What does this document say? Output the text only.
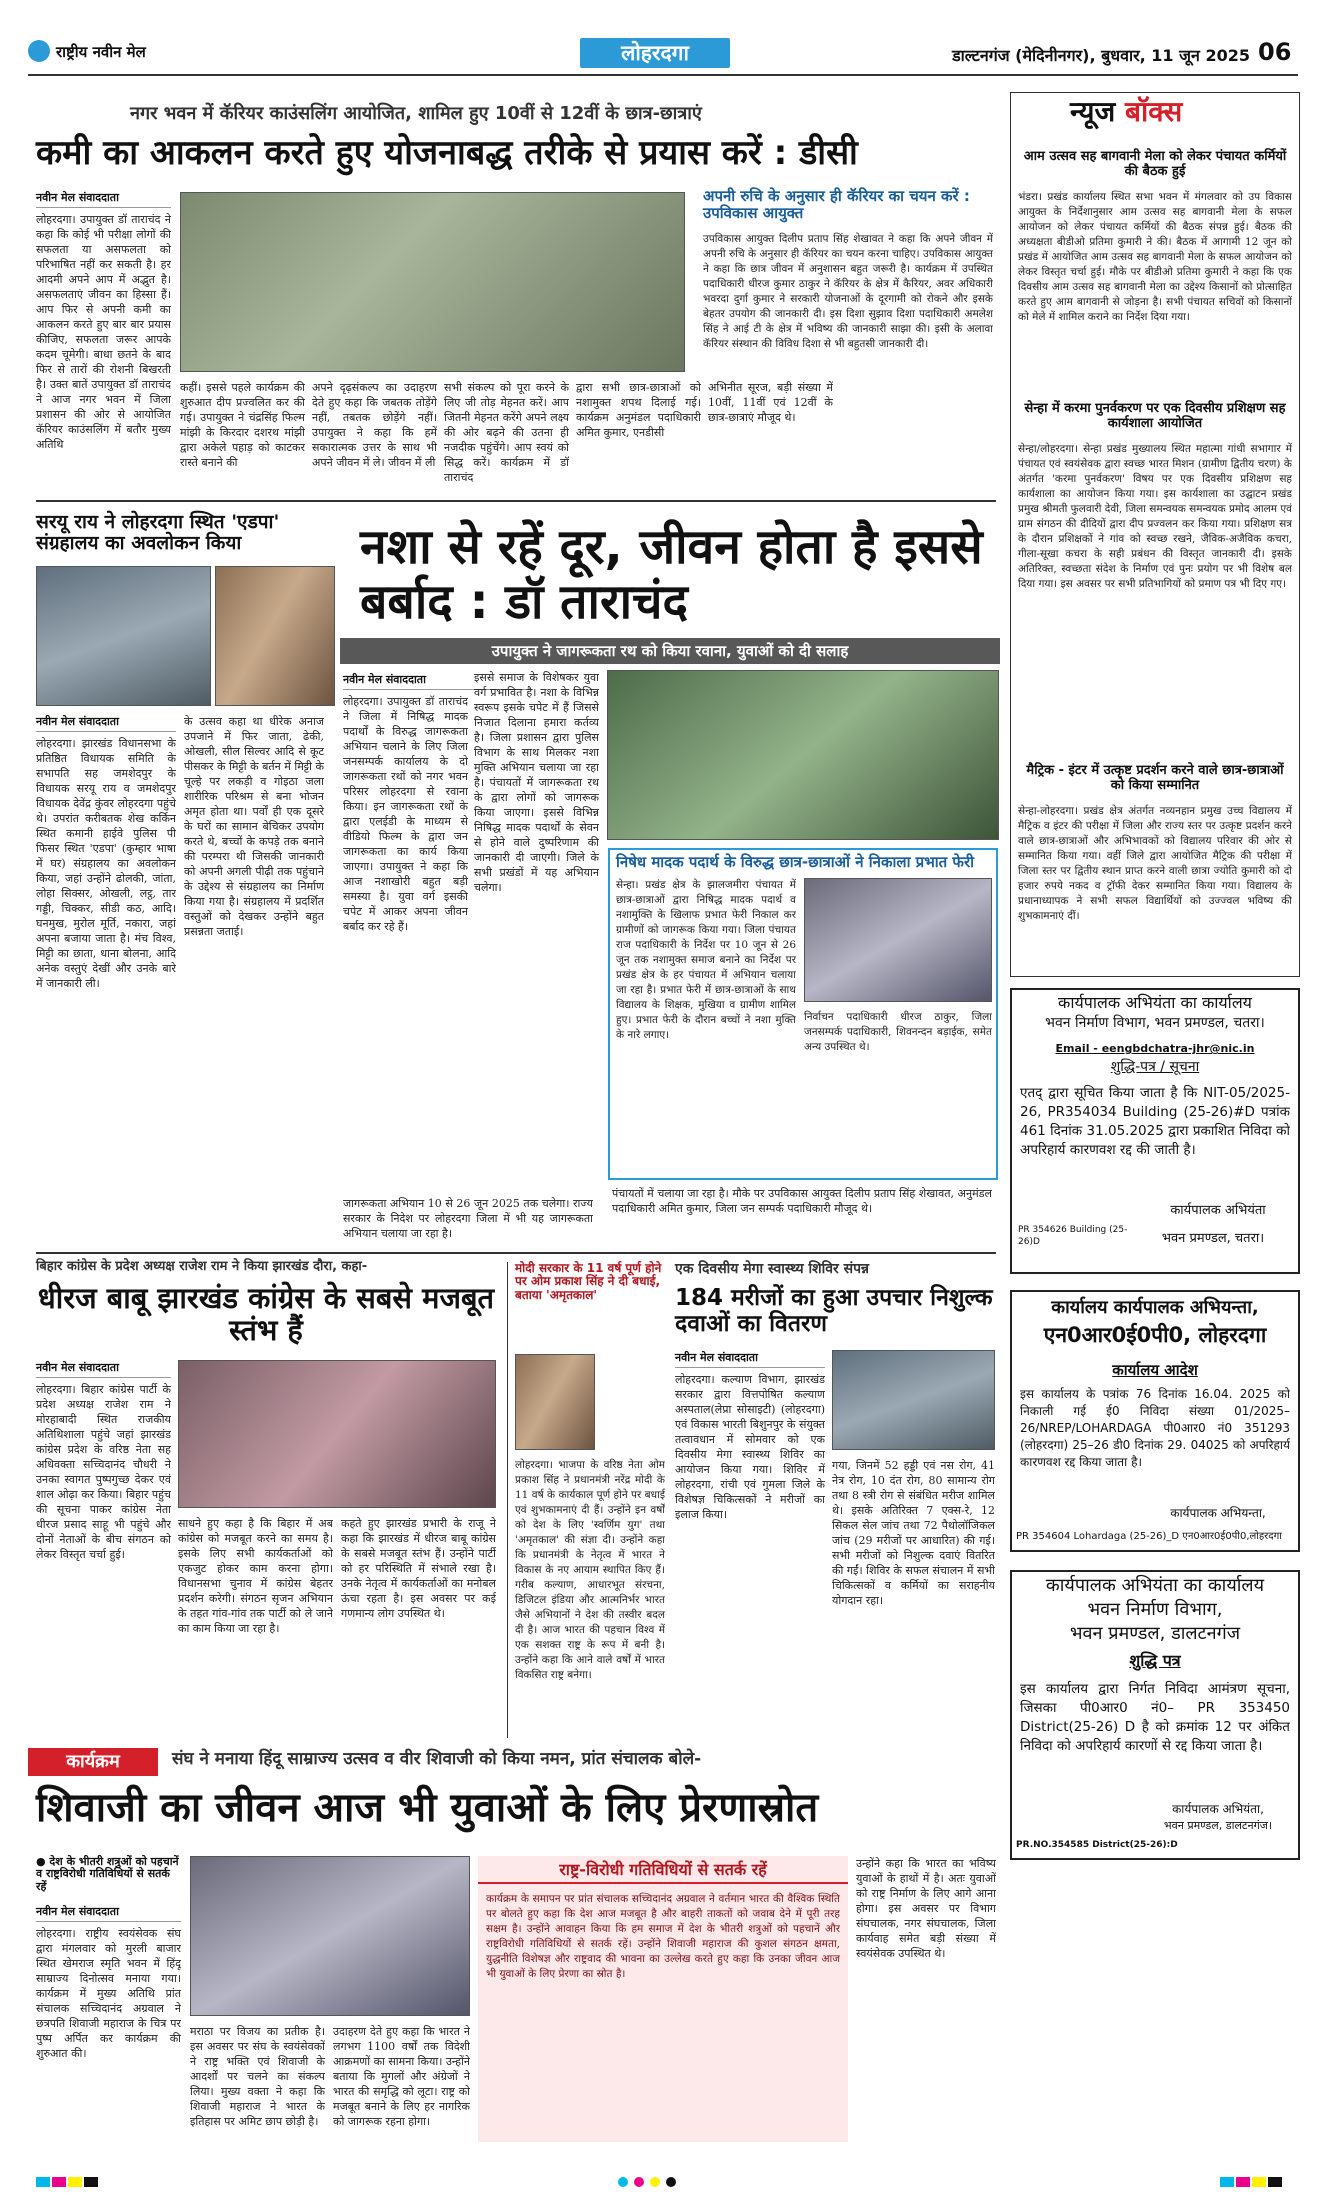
राष्ट्रीय नवीन मेल	लोहरदगा	डाल्टनगंज (मेदिनीनगर), बुधवार, 11 जून 2025 06
नगर भवन में कॅरियर काउंसलिंग आयोजित, शामिल हुए 10वीं से 12वीं के छात्र-छात्राएं
कमी का आकलन करते हुए योजनाबद्ध तरीके से प्रयास करें : डीसी
नवीन मेल संवाददाता
लोहरदगा। उपायुक्त डॉ ताराचंद ने कहा कि कोई भी परीक्षा लोगों की सफलता या असफलता को परिभाषित नहीं कर सकती है। हर आदमी अपने आप में अद्भुत है। असफलताएं जीवन का हिस्सा हैं। आप फिर से अपनी कमी का आकलन करते हुए बार बार प्रयास कीजिए, सफलता जरूर आपके कदम चूमेगी। बाधा छतने के बाद फिर से तारों की रोशनी बिखरती है। उक्त बातें उपायुक्त डॉ ताराचंद ने आज नगर भवन में जिला प्रशासन की ओर से आयोजित कॅरियर काउंसलिंग में बतौर मुख्य अतिथि
अपनी रुचि के अनुसार ही कॅरियर का चयन करें : उपविकास आयुक्त
उपविकास आयुक्त दिलीप प्रताप सिंह शेखावत ने कहा कि अपने जीवन में अपनी रुचि के अनुसार ही कॅरियर का चयन करना चाहिए। उपविकास आयुक्त ने कहा कि छात्र जीवन में अनुशासन बहुत जरूरी है। कार्यक्रम में उपस्थित पदाधिकारी धीरज कुमार ठाकुर ने कॅरियर के क्षेत्र में कैरियर, अवर अधिकारी भवरदा दुर्गा कुमार ने सरकारी योजनाओं के दूरगामी को रोकने और इसके बेहतर उपयोग की जानकारी दी। इस दिशा सुझाव दिशा पदाधिकारी अमलेश सिंह ने आई टी के क्षेत्र में भविष्य की जानकारी साझा की। इसी के अलावा कॅरियर संस्थान की विविध दिशा से भी बहुतसी जानकारी दी।
कहीं। इससे पहले कार्यक्रम की शुरुआत दीप प्रज्वलित कर की गई। उपायुक्त ने चंद्रसिंह फिल्म मांझी के किरदार दशरथ मांझी द्वारा अकेले पहाड़ को काटकर रास्ते बनाने की
अपने दृढ़संकल्प का उदाहरण देते हुए कहा कि जबतक तोड़ेंगे नहीं, तबतक छोड़ेंगे नहीं। उपायुक्त ने कहा कि हमें सकारात्मक उत्तर के साथ भी अपने जीवन में ले। जीवन में ली
सभी संकल्प को पूरा करने के लिए जी तोड़ मेहनत करें। आप जितनी मेहनत करेंगे अपने लक्ष्य की ओर बढ़ने की उतना ही नजदीक पहुंचेंगे। आप स्वयं को सिद्ध करें। कार्यक्रम में डॉ ताराचंद
द्वारा सभी छात्र-छात्राओं को नशामुक्त शपथ दिलाई गई। कार्यक्रम अनुमंडल पदाधिकारी अमित कुमार, एनडीसी
अभिनीत सूरज, बड़ी संख्या में 10वीं, 11वीं एवं 12वीं के छात्र-छात्राएं मौजूद थे।
सरयू राय ने लोहरदगा स्थित 'एडपा' संग्रहालय का अवलोकन किया
नवीन मेल संवाददाता
लोहरदगा। झारखंड विधानसभा के प्रतिष्ठित विधायक समिति के सभापति सह जमशेदपुर के विधायक सरयू राय व जमशेदपुर विधायक देवेंद्र कुंवर लोहरदगा पहुंचे थे। उपरांत करीबतक शेख कर्किन स्थित कमानी हाईवे पुलिस पी फिसर स्थित 'एडपा' (कुम्हार भाषा में घर) संग्रहालय का अवलोकन किया, जहां उन्होंने ढोलकी, जांता, लोहा सिक्सर, ओखली, लट्ठ, तार गड्डी, चिक्कर, सीडी कठ, आदि। घनमुख, मुरोल मूर्ति, नकारा, जहां अपना बजाया जाता है। मंच विश्व, मिट्टी का छाता, धाना बोलना, आदि अनेक वस्तुएं देखीं और उनके बारे में जानकारी ली।
के उत्सव कहा था धीरेक अनाज उपजाने में फिर जाता, ढेकी, ओखली, सील सिल्वर आदि से कूट पीसकर के मिट्टी के बर्तन में मिट्टी के चूल्हे पर लकड़ी व गोइठा जला शारीरिक परिश्रम से बना भोजन अमृत होता था। पर्वों ही एक दूसरे के घरों का सामान बेचिकर उपयोग करते थे, बच्चों के कपड़े तक बनाने की परम्परा थी जिसकी जानकारी को अपनी अगली पीढ़ी तक पहुंचाने के उद्देश्य से संग्रहालय का निर्माण किया गया है। संग्रहालय में प्रदर्शित वस्तुओं को देखकर उन्होंने बहुत प्रसन्नता जताई।
नशा से रहें दूर, जीवन होता है इससे बर्बाद : डॉ ताराचंद
उपायुक्त ने जागरूकता रथ को किया रवाना, युवाओं को दी सलाह
नवीन मेल संवाददाता
लोहरदगा। उपायुक्त डॉ ताराचंद ने जिला में निषिद्ध मादक पदार्थों के विरुद्ध जागरूकता अभियान चलाने के लिए जिला जनसम्पर्क कार्यालय के दो जागरूकता रथों को नगर भवन परिसर लोहरदगा से रवाना किया। इन जागरूकता रथों के द्वारा एलईडी के माध्यम से वीडियो फिल्म के द्वारा जन जागरूकता का कार्य किया जाएगा। उपायुक्त ने कहा कि आज नशाखोरी बहुत बड़ी समस्या है। युवा वर्ग इसकी चपेट में आकर अपना जीवन बर्बाद कर रहे हैं।
इससे समाज के विशेषकर युवा वर्ग प्रभावित है। नशा के विभिन्न स्वरूप इसके चपेट में हैं जिससे निजात दिलाना हमारा कर्तव्य है। जिला प्रशासन द्वारा पुलिस विभाग के साथ मिलकर नशा मुक्ति अभियान चलाया जा रहा है। पंचायतों में जागरूकता रथ के द्वारा लोगों को जागरूक किया जाएगा। इससे विभिन्न निषिद्ध मादक पदार्थों के सेवन से होने वाले दुष्परिणाम की जानकारी दी जाएगी। जिले के सभी प्रखंडों में यह अभियान चलेगा।
निषेध मादक पदार्थ के विरुद्ध छात्र-छात्राओं ने निकाला प्रभात फेरी
सेन्हा। प्रखंड क्षेत्र के झालजमीरा पंचायत में छात्र-छात्राओं द्वारा निषिद्ध मादक पदार्थ व नशामुक्ति के खिलाफ प्रभात फेरी निकाल कर ग्रामीणों को जागरूक किया गया। जिला पंचायत राज पदाधिकारी के निर्देश पर 10 जून से 26 जून तक नशामुक्त समाज बनाने का निर्देश पर प्रखंड क्षेत्र के हर पंचायत में अभियान चलाया जा रहा है। प्रभात फेरी में छात्र-छात्राओं के साथ विद्यालय के शिक्षक, मुखिया व ग्रामीण शामिल हुए। प्रभात फेरी के दौरान बच्चों ने नशा मुक्ति के नारे लगाए।
निर्वाचन पदाधिकारी धीरज ठाकुर, जिला जनसम्पर्क पदाधिकारी, शिवनन्दन बड़ाईक, समेत अन्य उपस्थित थे।
जागरूकता अभियान 10 से 26 जून 2025 तक चलेगा। राज्य सरकार के निदेश पर लोहरदगा जिला में भी यह जागरूकता अभियान चलाया जा रहा है।
पंचायतों में चलाया जा रहा है। मौके पर उपविकास आयुक्त दिलीप प्रताप सिंह शेखावत, अनुमंडल पदाधिकारी अमित कुमार, जिला जन सम्पर्क पदाधिकारी मौजूद थे।
बिहार कांग्रेस के प्रदेश अध्यक्ष राजेश राम ने किया झारखंड दौरा, कहा-
धीरज बाबू झारखंड कांग्रेस के सबसे मजबूत स्तंभ हैं
नवीन मेल संवाददाता
लोहरदगा। बिहार कांग्रेस पार्टी के प्रदेश अध्यक्ष राजेश राम ने मोरहाबादी स्थित राजकीय अतिथिशाला पहुंचे जहां झारखंड कांग्रेस प्रदेश के वरिष्ठ नेता सह अधिवक्ता सच्चिदानंद चौधरी ने उनका स्वागत पुष्पगुच्छ देकर एवं शाल ओढ़ा कर किया। बिहार पहुंच की सूचना पाकर कांग्रेस नेता धीरज प्रसाद साहू भी पहुंचे और दोनों नेताओं के बीच संगठन को लेकर विस्तृत चर्चा हुई।
साधने हुए कहा है कि बिहार में अब कांग्रेस को मजबूत करने का समय है। इसके लिए सभी कार्यकर्ताओं को एकजुट होकर काम करना होगा। विधानसभा चुनाव में कांग्रेस बेहतर प्रदर्शन करेगी। संगठन सृजन अभियान के तहत गांव-गांव तक पार्टी को ले जाने का काम किया जा रहा है।
कहते हुए झारखंड प्रभारी के राजू ने कहा कि झारखंड में धीरज बाबू कांग्रेस के सबसे मजबूत स्तंभ हैं। उन्होंने पार्टी को हर परिस्थिति में संभाले रखा है। उनके नेतृत्व में कार्यकर्ताओं का मनोबल ऊंचा रहता है। इस अवसर पर कई गणमान्य लोग उपस्थित थे।
मोदी सरकार के 11 वर्ष पूर्ण होने पर ओम प्रकाश सिंह ने दी बधाई, बताया 'अमृतकाल'
लोहरदगा। भाजपा के वरिष्ठ नेता ओम प्रकाश सिंह ने प्रधानमंत्री नरेंद्र मोदी के 11 वर्ष के कार्यकाल पूर्ण होने पर बधाई एवं शुभकामनाएं दी हैं। उन्होंने इन वर्षों को देश के लिए 'स्वर्णिम युग' तथा 'अमृतकाल' की संज्ञा दी। उन्होंने कहा कि प्रधानमंत्री के नेतृत्व में भारत ने विकास के नए आयाम स्थापित किए हैं। गरीब कल्याण, आधारभूत संरचना, डिजिटल इंडिया और आत्मनिर्भर भारत जैसे अभियानों ने देश की तस्वीर बदल दी है। आज भारत की पहचान विश्व में एक सशक्त राष्ट्र के रूप में बनी है। उन्होंने कहा कि आने वाले वर्षों में भारत विकसित राष्ट्र बनेगा।
एक दिवसीय मेगा स्वास्थ्य शिविर संपन्न
184 मरीजों का हुआ उपचार निशुल्क दवाओं का वितरण
नवीन मेल संवाददाता
लोहरदगा। कल्याण विभाग, झारखंड सरकार द्वारा वित्तपोषित कल्याण अस्पताल(लेप्रा सोसाइटी) (लोहरदगा) एवं विकास भारती बिशुनपुर के संयुक्त तत्वावधान में सोमवार को एक दिवसीय मेगा स्वास्थ्य शिविर का आयोजन किया गया। शिविर में लोहरदगा, रांची एवं गुमला जिले के विशेषज्ञ चिकित्सकों ने मरीजों का इलाज किया।
गया, जिनमें 52 हड्डी एवं नस रोग, 41 नेत्र रोग, 10 दंत रोग, 80 सामान्य रोग तथा 8 स्त्री रोग से संबंधित मरीज शामिल थे। इसके अतिरिक्त 7 एक्स-रे, 12 सिकल सेल जांच तथा 72 पैथोलॉजिकल जांच (29 मरीजों पर आधारित) की गई। सभी मरीजों को निशुल्क दवाएं वितरित की गईं। शिविर के सफल संचालन में सभी चिकित्सकों व कर्मियों का सराहनीय योगदान रहा।
कार्यक्रम	संघ ने मनाया हिंदू साम्राज्य उत्सव व वीर शिवाजी को किया नमन, प्रांत संचालक बोले-
शिवाजी का जीवन आज भी युवाओं के लिए प्रेरणास्रोत
● देश के भीतरी शत्रुओं को पहचानें व राष्ट्रविरोधी गतिविधियों से सतर्क रहें
नवीन मेल संवाददाता
लोहरदगा। राष्ट्रीय स्वयंसेवक संघ द्वारा मंगलवार को मुरली बाजार स्थित खेमराज स्मृति भवन में हिंदू साम्राज्य दिनोत्सव मनाया गया। कार्यक्रम में मुख्य अतिथि प्रांत संचालक सच्चिदानंद अग्रवाल ने छत्रपति शिवाजी महाराज के चित्र पर पुष्प अर्पित कर कार्यक्रम की शुरुआत की।
मराठा पर विजय का प्रतीक है। इस अवसर पर संघ के स्वयंसेवकों ने राष्ट्र भक्ति एवं शिवाजी के आदर्शों पर चलने का संकल्प लिया। मुख्य वक्ता ने कहा कि शिवाजी महाराज ने भारत के इतिहास पर अमिट छाप छोड़ी है।
उदाहरण देते हुए कहा कि भारत ने लगभग 1100 वर्षों तक विदेशी आक्रमणों का सामना किया। उन्होंने बताया कि मुगलों और अंग्रेजों ने भारत की समृद्धि को लूटा। राष्ट्र को मजबूत बनाने के लिए हर नागरिक को जागरूक रहना होगा।
राष्ट्र-विरोधी गतिविधियों से सतर्क रहें
कार्यक्रम के समापन पर प्रांत संचालक सच्चिदानंद अग्रवाल ने वर्तमान भारत की वैश्विक स्थिति पर बोलते हुए कहा कि देश आज मजबूत है और बाहरी ताकतों को जवाब देने में पूरी तरह सक्षम है। उन्होंने आवाहन किया कि हम समाज में देश के भीतरी शत्रुओं को पहचानें और राष्ट्रविरोधी गतिविधियों से सतर्क रहें। उन्होंने शिवाजी महाराज की कुशल संगठन क्षमता, युद्धनीति विशेषज्ञ और राष्ट्रवाद की भावना का उल्लेख करते हुए कहा कि उनका जीवन आज भी युवाओं के लिए प्रेरणा का स्रोत है।
उन्होंने कहा कि भारत का भविष्य युवाओं के हाथों में है। अतः युवाओं को राष्ट्र निर्माण के लिए आगे आना होगा। इस अवसर पर विभाग संघचालक, नगर संघचालक, जिला कार्यवाह समेत बड़ी संख्या में स्वयंसेवक उपस्थित थे।
न्यूज बॉक्स
आम उत्सव सह बागवानी मेला को लेकर पंचायत कर्मियों की बैठक हुई
भंडरा। प्रखंड कार्यालय स्थित सभा भवन में मंगलवार को उप विकास आयुक्त के निर्देशानुसार आम उत्सव सह बागवानी मेला के सफल आयोजन को लेकर पंचायत कर्मियों की बैठक संपन्न हुई। बैठक की अध्यक्षता बीडीओ प्रतिमा कुमारी ने की। बैठक में आगामी 12 जून को प्रखंड में आयोजित आम उत्सव सह बागवानी मेला के सफल आयोजन को लेकर विस्तृत चर्चा हुई। मौके पर बीडीओ प्रतिमा कुमारी ने कहा कि एक दिवसीय आम उत्सव सह बागवानी मेला का उद्देश्य किसानों को प्रोत्साहित करते हुए आम बागवानी से जोड़ना है। सभी पंचायत सचिवों को किसानों को मेले में शामिल कराने का निर्देश दिया गया।
सेन्हा में करमा पुनर्वकरण पर एक दिवसीय प्रशिक्षण सह कार्यशाला आयोजित
सेन्हा/लोहरदगा। सेन्हा प्रखंड मुख्यालय स्थित महात्मा गांधी सभागार में पंचायत एवं स्वयंसेवक द्वारा स्वच्छ भारत मिशन (ग्रामीण द्वितीय चरण) के अंतर्गत 'करमा पुनर्वकरण' विषय पर एक दिवसीय प्रशिक्षण सह कार्यशाला का आयोजन किया गया। इस कार्यशाला का उद्घाटन प्रखंड प्रमुख श्रीमती फुलवारी देवी, जिला समन्वयक समन्वयक प्रमोद आलम एवं ग्राम संगठन की दीदियों द्वारा दीप प्रज्वलन कर किया गया। प्रशिक्षण सत्र के दौरान प्रशिक्षकों ने गांव को स्वच्छ रखने, जैविक-अजैविक कचरा, गीला-सूखा कचरा के सही प्रबंधन की विस्तृत जानकारी दी। इसके अतिरिक्त, स्वच्छता संदेश के निर्माण एवं पुनः प्रयोग पर भी विशेष बल दिया गया। इस अवसर पर सभी प्रतिभागियों को प्रमाण पत्र भी दिए गए।
मैट्रिक - इंटर में उत्कृष्ट प्रदर्शन करने वाले छात्र-छात्राओं को किया सम्मानित
सेन्हा-लोहरदगा। प्रखंड क्षेत्र अंतर्गत नव्यनहान प्रमुख उच्च विद्यालय में मैट्रिक व इंटर की परीक्षा में जिला और राज्य स्तर पर उत्कृष्ट प्रदर्शन करने वाले छात्र-छात्राओं और अभिभावकों को विद्यालय परिवार की ओर से सम्मानित किया गया। वहीं जिले द्वारा आयोजित मैट्रिक की परीक्षा में जिला स्तर पर द्वितीय स्थान प्राप्त करने वाली छात्रा ज्योति कुमारी को दो हजार रुपये नकद व ट्रॉफी देकर सम्मानित किया गया। विद्यालय के प्रधानाध्यापक ने सभी सफल विद्यार्थियों को उज्ज्वल भविष्य की शुभकामनाएं दीं।
कार्यपालक अभियंता का कार्यालय
भवन निर्माण विभाग, भवन प्रमण्डल, चतरा।
Email - eengbdchatra-jhr@nic.in
शुद्धि-पत्र / सूचना
एतद् द्वारा सूचित किया जाता है कि NIT-05/2025-26, PR354034 Building (25-26)#D पत्रांक 461 दिनांक 31.05.2025 द्वारा प्रकाशित निविदा को अपरिहार्य कारणवश रद्द की जाती है।
कार्यपालक अभियंता
PR 354626 Building (25-26)D	भवन प्रमण्डल, चतरा।
कार्यालय कार्यपालक अभियन्ता,
एन0आर0ई0पी0, लोहरदगा
कार्यालय आदेश
इस कार्यालय के पत्रांक 76 दिनांक 16.04. 2025 को निकाली गई ई0 निविदा संख्या 01/2025–26/NREP/LOHARDAGA पी0आर0 नं0 351293 (लोहरदगा) 25–26 डी0 दिनांक 29. 04025 को अपरिहार्य कारणवश रद्द किया जाता है।
कार्यपालक अभियन्ता,
PR 354604 Lohardaga (25-26)_D एन0आर0ई0पी0,लोहरदगा
कार्यपालक अभियंता का कार्यालय
भवन निर्माण विभाग,
भवन प्रमण्डल, डालटनगंज
शुद्धि पत्र
इस कार्यालय द्वारा निर्गत निविदा आमंत्रण सूचना, जिसका पी0आर0 नं0– PR 353450 District(25-26) D है को क्रमांक 12 पर अंकित निविदा को अपरिहार्य कारणों से रद्द किया जाता है।
कार्यपालक अभियंता,
भवन प्रमण्डल, डालटनगंज।
PR.NO.354585 District(25-26):D
